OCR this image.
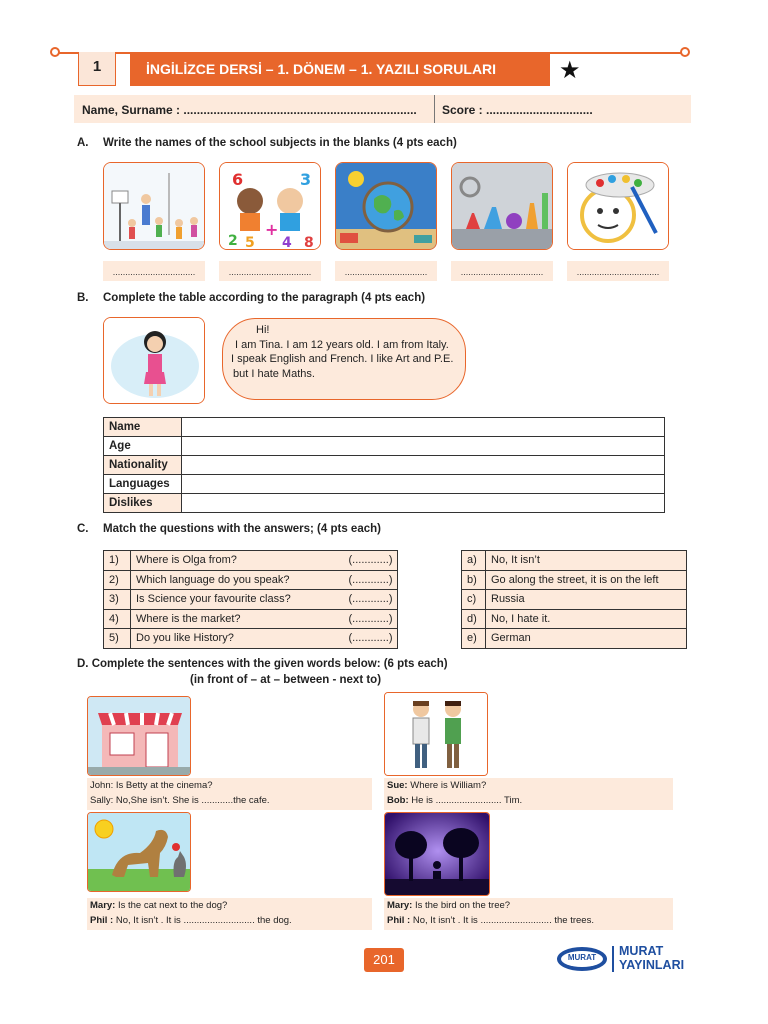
1	İNGİLİZCE DERSİ – 1. DÖNEM – 1. YAZILI SORULARI	★
Name, Surname : ...................................................................... Score : ................................
A. Write the names of the school subjects in the blanks (4 pts each)
6	3
+
2 5 4 8
.................................	.................................	.................................	.................................	.................................
B. Complete the table according to the paragraph (4 pts each)
Hi!
I am Tina. I am 12 years old. I am from Italy.
I speak English and French. I like Art and P.E.
but I hate Maths.
Name	
Age	
Nationality	
Languages	
Dislikes	
C. Match the questions with the answers; (4 pts each)
1)	Where is Olga from?	(............)
2)	Which language do you speak?	(............)
3)	Is Science your favourite class?	(............)
4)	Where is the market?	(............)
5)	Do you like History?	(............)
a)	No, It isn’t
b)	Go along the street, it is on the left
c)	Russia
d)	No, I hate it.
e)	German
D. Complete the sentences with the given words below: (6 pts each)
(in front of – at – between - next to)
John: Is Betty at the cinema?
Sally: No,She isn’t. She is ............the cafe.
Sue: Where is William?
Bob: He is ......................... Tim.
Mary: Is the cat next to the dog?
Phil : No, It isn’t . It is ........................... the dog.
Mary: Is the bird on the tree?
Phil : No, It isn’t . It is ........................... the trees.
201	MURAT	MURAT
YAYINLARI
